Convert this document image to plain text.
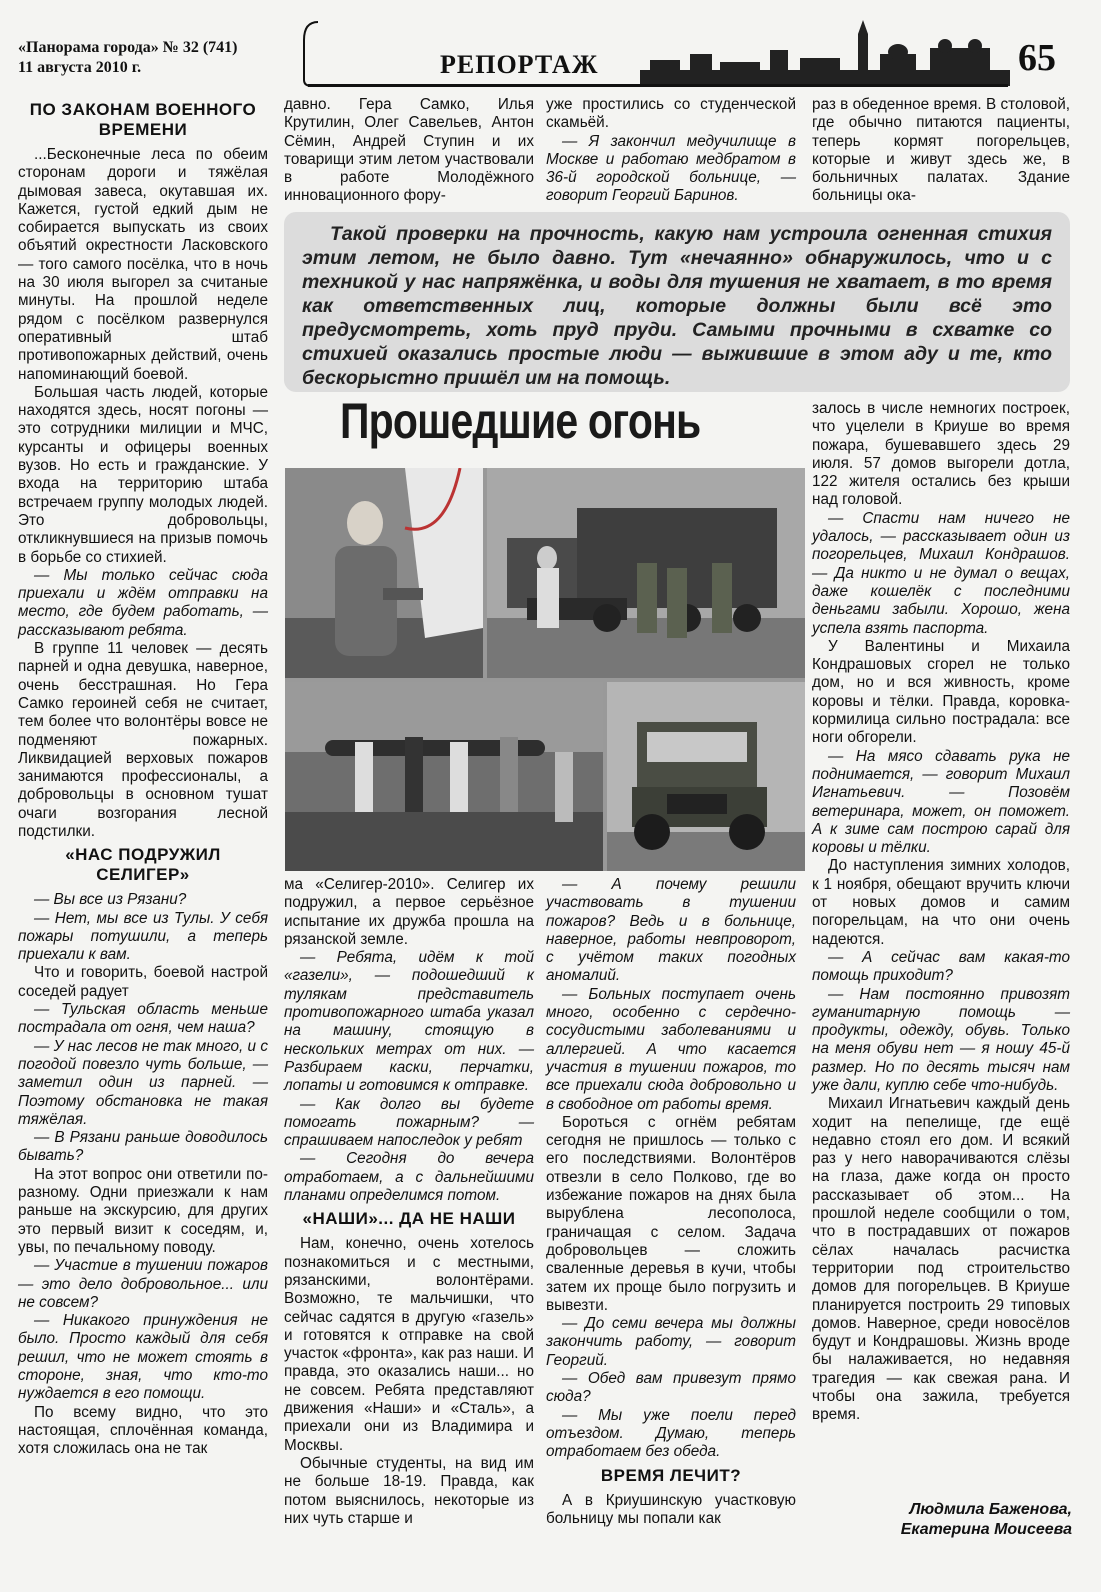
«Панорама города» № 32 (741)
11 августа 2010 г.	РЕПОРТАЖ	65
ПО ЗАКОНАМ ВОЕННОГО ВРЕМЕНИ

...Бесконечные леса по обеим сторонам дороги и тяжёлая дымовая завеса, окутавшая их. Кажется, густой едкий дым не собирается выпускать из своих объятий окрестности Ласковского — того самого посёлка, что в ночь на 30 июля выгорел за считаные минуты. На прошлой неделе рядом с посёлком развернулся оперативный штаб противопожарных действий, очень напоминающий боевой.

Большая часть людей, которые находятся здесь, носят погоны — это сотрудники милиции и МЧС, курсанты и офицеры военных вузов. Но есть и гражданские. У входа на территорию штаба встречаем группу молодых людей. Это добровольцы, откликнувшиеся на призыв помочь в борьбе со стихией.

— Мы только сейчас сюда приехали и ждём отправки на место, где будем работать, — рассказывают ребята.

В группе 11 человек — десять парней и одна девушка, наверное, очень бесстрашная. Но Гера Самко героиней себя не считает, тем более что волонтёры вовсе не подменяют пожарных. Ликвидацией верховых пожаров занимаются профессионалы, а добровольцы в основном тушат очаги возгорания лесной подстилки.

«НАС ПОДРУЖИЛ СЕЛИГЕР»

— Вы все из Рязани?

— Нет, мы все из Тулы. У себя пожары потушили, а теперь приехали к вам.

Что и говорить, боевой настрой соседей радует

— Тульская область меньше пострадала от огня, чем наша?

— У нас лесов не так много, и с погодой повезло чуть больше, — заметил один из парней. — Поэтому обстановка не такая тяжёлая.

— В Рязани раньше доводилось бывать?

На этот вопрос они ответили по-разному. Одни приезжали к нам раньше на экскурсию, для других это первый визит к соседям, и, увы, по печальному поводу.

— Участие в тушении пожаров — это дело добровольное... или не совсем?

— Никакого принуждения не было. Просто каждый для себя решил, что не может стоять в стороне, зная, что кто-то нуждается в его помощи.

По всему видно, что это настоящая, сплочённая команда, хотя сложилась она не так

давно. Гера Самко, Илья Крутилин, Олег Савельев, Антон Сёмин, Андрей Ступин и их товарищи этим летом участвовали в работе Молодёжного инновационного фору-

уже простились со студенческой скамьёй.

— Я закончил медучилище в Москве и работаю медбратом в 36-й городской больнице, — говорит Георгий Баринов.

раз в обеденное время. В столовой, где обычно питаются пациенты, теперь кормят погорельцев, которые и живут здесь же, в больничных палатах. Здание больницы ока-

Такой проверки на прочность, какую нам устроила огненная стихия этим летом, не было давно. Тут «нечаянно» обнаружилось, что и с техникой у нас напряжёнка, и воды для тушения не хватает, в то время как ответственных лиц, которые должны были всё это предусмотреть, хоть пруд пруди. Самыми прочными в схватке со стихией оказались простые люди — выжившие в этом аду и те, кто бескорыстно пришёл им на помощь.
Прошедшие огонь

ма «Селигер-2010». Селигер их подружил, а первое серьёзное испытание их дружба прошла на рязанской земле.

— Ребята, идём к той «газели», — подошедший к тулякам представитель противопожарного штаба указал на машину, стоящую в нескольких метрах от них. — Разбираем каски, перчатки, лопаты и готовимся к отправке.

— Как долго вы будете помогать пожарным? — спрашиваем напоследок у ребят

— Сегодня до вечера отработаем, а с дальнейшими планами определимся потом.

«НАШИ»... ДА НЕ НАШИ

Нам, конечно, очень хотелось познакомиться и с местными, рязанскими, волонтёрами. Возможно, те мальчишки, что сейчас садятся в другую «газель» и готовятся к отправке на свой участок «фронта», как раз наши. И правда, это оказались наши... но не совсем. Ребята представляют движения «Наши» и «Сталь», а приехали они из Владимира и Москвы.

Обычные студенты, на вид им не больше 18-19. Правда, как потом выяснилось, некоторые из них чуть старше и

— А почему решили участвовать в тушении пожаров? Ведь и в больнице, наверное, работы невпроворот, с учётом таких погодных аномалий.

— Больных поступает очень много, особенно с сердечно-сосудистыми заболеваниями и аллергией. А что касается участия в тушении пожаров, то все приехали сюда добровольно и в свободное от работы время.

Бороться с огнём ребятам сегодня не пришлось — только с его последствиями. Волонтёров отвезли в село Полково, где во избежание пожаров на днях была вырублена лесополоса, граничащая с селом. Задача добровольцев — сложить сваленные деревья в кучи, чтобы затем их проще было погрузить и вывезти.

— До семи вечера мы должны закончить работу, — говорит Георгий.

— Обед вам привезут прямо сюда?

— Мы уже поели перед отъездом. Думаю, теперь отработаем без обеда.

ВРЕМЯ ЛЕЧИТ?

А в Криушинскую участковую больницу мы попали как

залось в числе немногих построек, что уцелели в Криуше во время пожара, бушевавшего здесь 29 июля. 57 домов выгорели дотла, 122 жителя остались без крыши над головой.

— Спасти нам ничего не удалось, — рассказывает один из погорельцев, Михаил Кондрашов. — Да никто и не думал о вещах, даже кошелёк с последними деньгами забыли. Хорошо, жена успела взять паспорта.

У Валентины и Михаила Кондрашовых сгорел не только дом, но и вся живность, кроме коровы и тёлки. Правда, коровка-кормилица сильно пострадала: все ноги обгорели.

— На мясо сдавать рука не поднимается, — говорит Михаил Игнатьевич. — Позовём ветеринара, может, он поможет. А к зиме сам построю сарай для коровы и тёлки.

До наступления зимних холодов, к 1 ноября, обещают вручить ключи от новых домов и самим погорельцам, на что они очень надеются.

— А сейчас вам какая-то помощь приходит?

— Нам постоянно привозят гуманитарную помощь — продукты, одежду, обувь. Только на меня обуви нет — я ношу 45-й размер. Но по десять тысяч нам уже дали, куплю себе что-нибудь.

Михаил Игнатьевич каждый день ходит на пепелище, где ещё недавно стоял его дом. И всякий раз у него наворачиваются слёзы на глаза, даже когда он просто рассказывает об этом... На прошлой неделе сообщили о том, что в пострадавших от пожаров сёлах началась расчистка территории под строительство домов для погорельцев. В Криуше планируется построить 29 типовых домов. Наверное, среди новосёлов будут и Кондрашовы. Жизнь вроде бы налаживается, но недавняя трагедия — как свежая рана. И чтобы она зажила, требуется время.

Людмила Баженова,
Екатерина Моисеева
